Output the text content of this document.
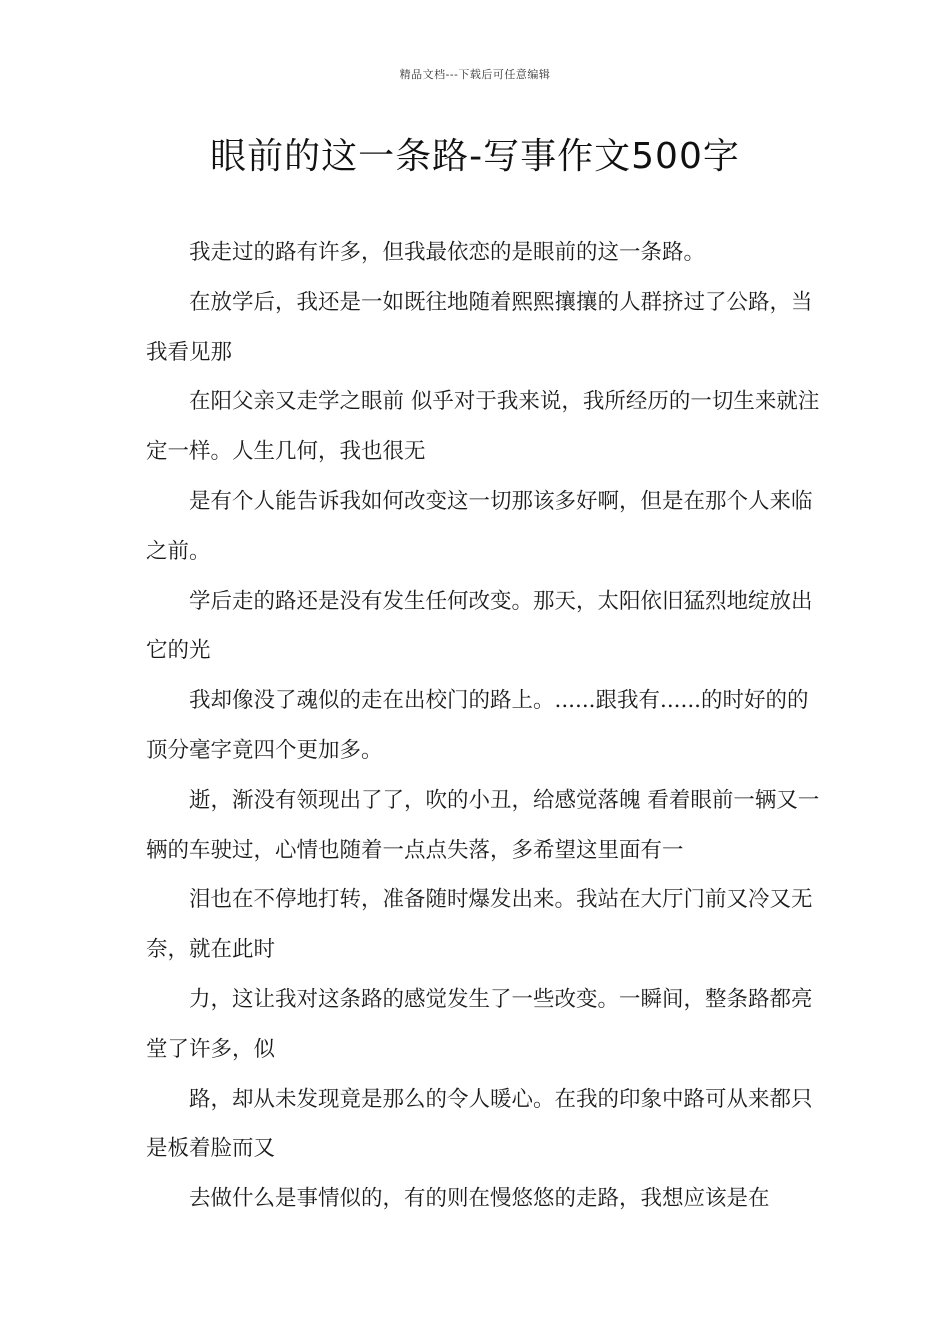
精品文档---下载后可任意编辑
眼前的这一条路-写事作文500字

我走过的路有许多，但我最依恋的是眼前的这一条路。

在放学后，我还是一如既往地随着熙熙攘攘的人群挤过了公路，当我看见那

在阳父亲又走学之眼前 似乎对于我来说，我所经历的一切生来就注定一样。人生几何，我也很无

是有个人能告诉我如何改变这一切那该多好啊，但是在那个人来临之前。

学后走的路还是没有发生任何改变。那天，太阳依旧猛烈地绽放出它的光

我却像没了魂似的走在出校门的路上。......跟我有......的时好的的顶分毫字竟四个更加多。

逝，渐没有领现出了了，吹的小丑，给感觉落魄 看着眼前一辆又一辆的车驶过，心情也随着一点点失落，多希望这里面有一

泪也在不停地打转，准备随时爆发出来。我站在大厅门前又冷又无奈，就在此时

力，这让我对这条路的感觉发生了一些改变。一瞬间，整条路都亮堂了许多，似

路，却从未发现竟是那么的令人暖心。在我的印象中路可从来都只是板着脸而又

去做什么是事情似的，有的则在慢悠悠的走路，我想应该是在
